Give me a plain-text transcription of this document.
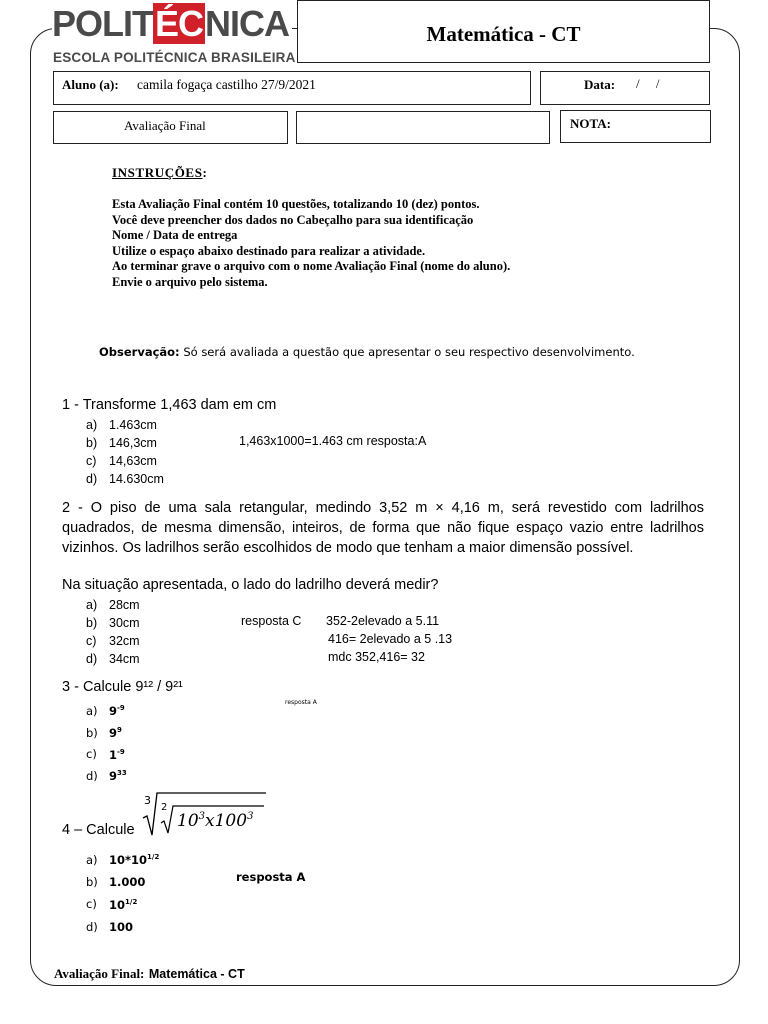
POLITÉCNICA
ESCOLA POLITÉCNICA BRASILEIRA
Matemática - CT
Aluno (a): camila fogaça castilho 27/9/2021	Data: /     /
Avaliação Final	NOTA:
INSTRUÇÕES:
Esta Avaliação Final contém 10 questões, totalizando 10 (dez) pontos.
Você deve preencher dos dados no Cabeçalho para sua identificação
Nome / Data de entrega
Utilize o espaço abaixo destinado para realizar a atividade.
Ao terminar grave o arquivo com o nome Avaliação Final (nome do aluno).
Envie o arquivo pelo sistema.
Observação: Só será avaliada a questão que apresentar o seu respectivo desenvolvimento.
1 - Transforme 1,463 dam em cm
a) 1.463cm
b) 146,3cm
c) 14,63cm
d) 14.630cm
1,463x1000=1.463 cm resposta:A
2 - O piso de uma sala retangular, medindo 3,52 m × 4,16 m, será revestido com ladrilhos quadrados, de mesma dimensão, inteiros, de forma que não fique espaço vazio entre ladrilhos vizinhos. Os ladrilhos serão escolhidos de modo que tenham a maior dimensão possível.
Na situação apresentada, o lado do ladrilho deverá medir?
a) 28cm
b) 30cm
c) 32cm
d) 34cm
resposta C 352-2elevado a 5.11
416= 2elevado a 5 .13
mdc 352,416= 32
3 - Calcule 9¹² / 9²¹
resposta A
a) $9^{-9}$
b) $9^9$
c) $1^{-9}$
d) $9^{33}$
4 – Calcule
3
2
$10^3x100^3$
a) $10*10^{1/2}$
b) 1.000
c) $10^{1/2}$
d) 100
resposta A
Avaliação Final: Matemática - CT
